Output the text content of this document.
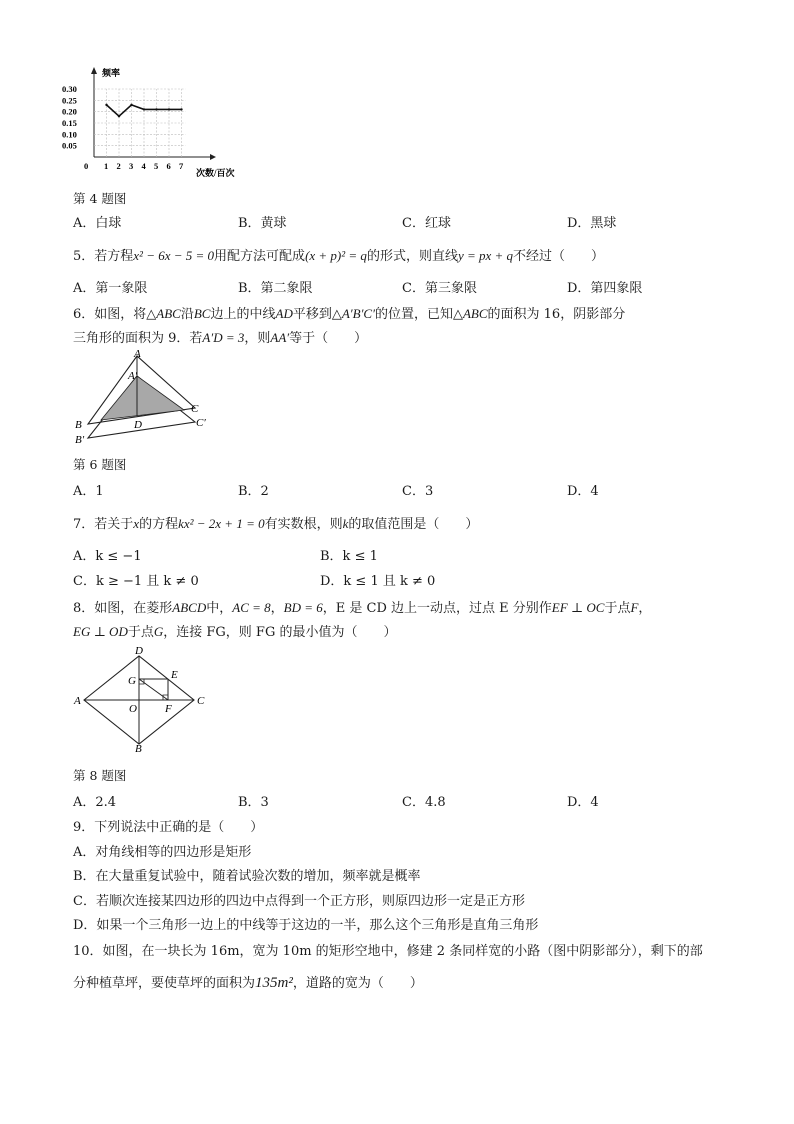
0.05
0.10
0.15
0.20
0.25
0.30
0 1 2 3 4 5 6 7
频率
次数/百次
第 4 题图
A．白球	B．黄球	C．红球	D．黑球
5．若方程x² − 6x − 5 = 0用配方法可配成(x + p)² = q的形式，则直线y = px + q不经过（　　）
A．第一象限	B．第二象限	C．第三象限	D．第四象限
6．如图，将△ABC沿BC边上的中线AD平移到△A′B′C′的位置，已知△ABC的面积为 16，阴影部分
三角形的面积为 9．若A′D = 3，则AA′等于（　　）
A
A′
B
B′
C
C′
D
第 6 题图
A．1	B．2	C．3	D．4
7．若关于x的方程kx² − 2x + 1 = 0有实数根，则k的取值范围是（　　）
A．k ≤ −1	B．k ≤ 1
C．k ≥ −1 且 k ≠ 0	D．k ≤ 1 且 k ≠ 0
8．如图，在菱形ABCD中，AC = 8，BD = 6，E 是 CD 边上一动点，过点 E 分别作EF ⊥ OC于点F，
EG ⊥ OD于点G，连接 FG，则 FG 的最小值为（　　）
D
A	C
B
O
E
F
G
第 8 题图
A．2.4	B．3	C．4.8	D．4
9．下列说法中正确的是（　　）
A．对角线相等的四边形是矩形
B．在大量重复试验中，随着试验次数的增加，频率就是概率
C．若顺次连接某四边形的四边中点得到一个正方形，则原四边形一定是正方形
D．如果一个三角形一边上的中线等于这边的一半，那么这个三角形是直角三角形
10．如图，在一块长为 16m，宽为 10m 的矩形空地中，修建 2 条同样宽的小路（图中阴影部分），剩下的部
分种植草坪，要使草坪的面积为135m²，道路的宽为（　　）
